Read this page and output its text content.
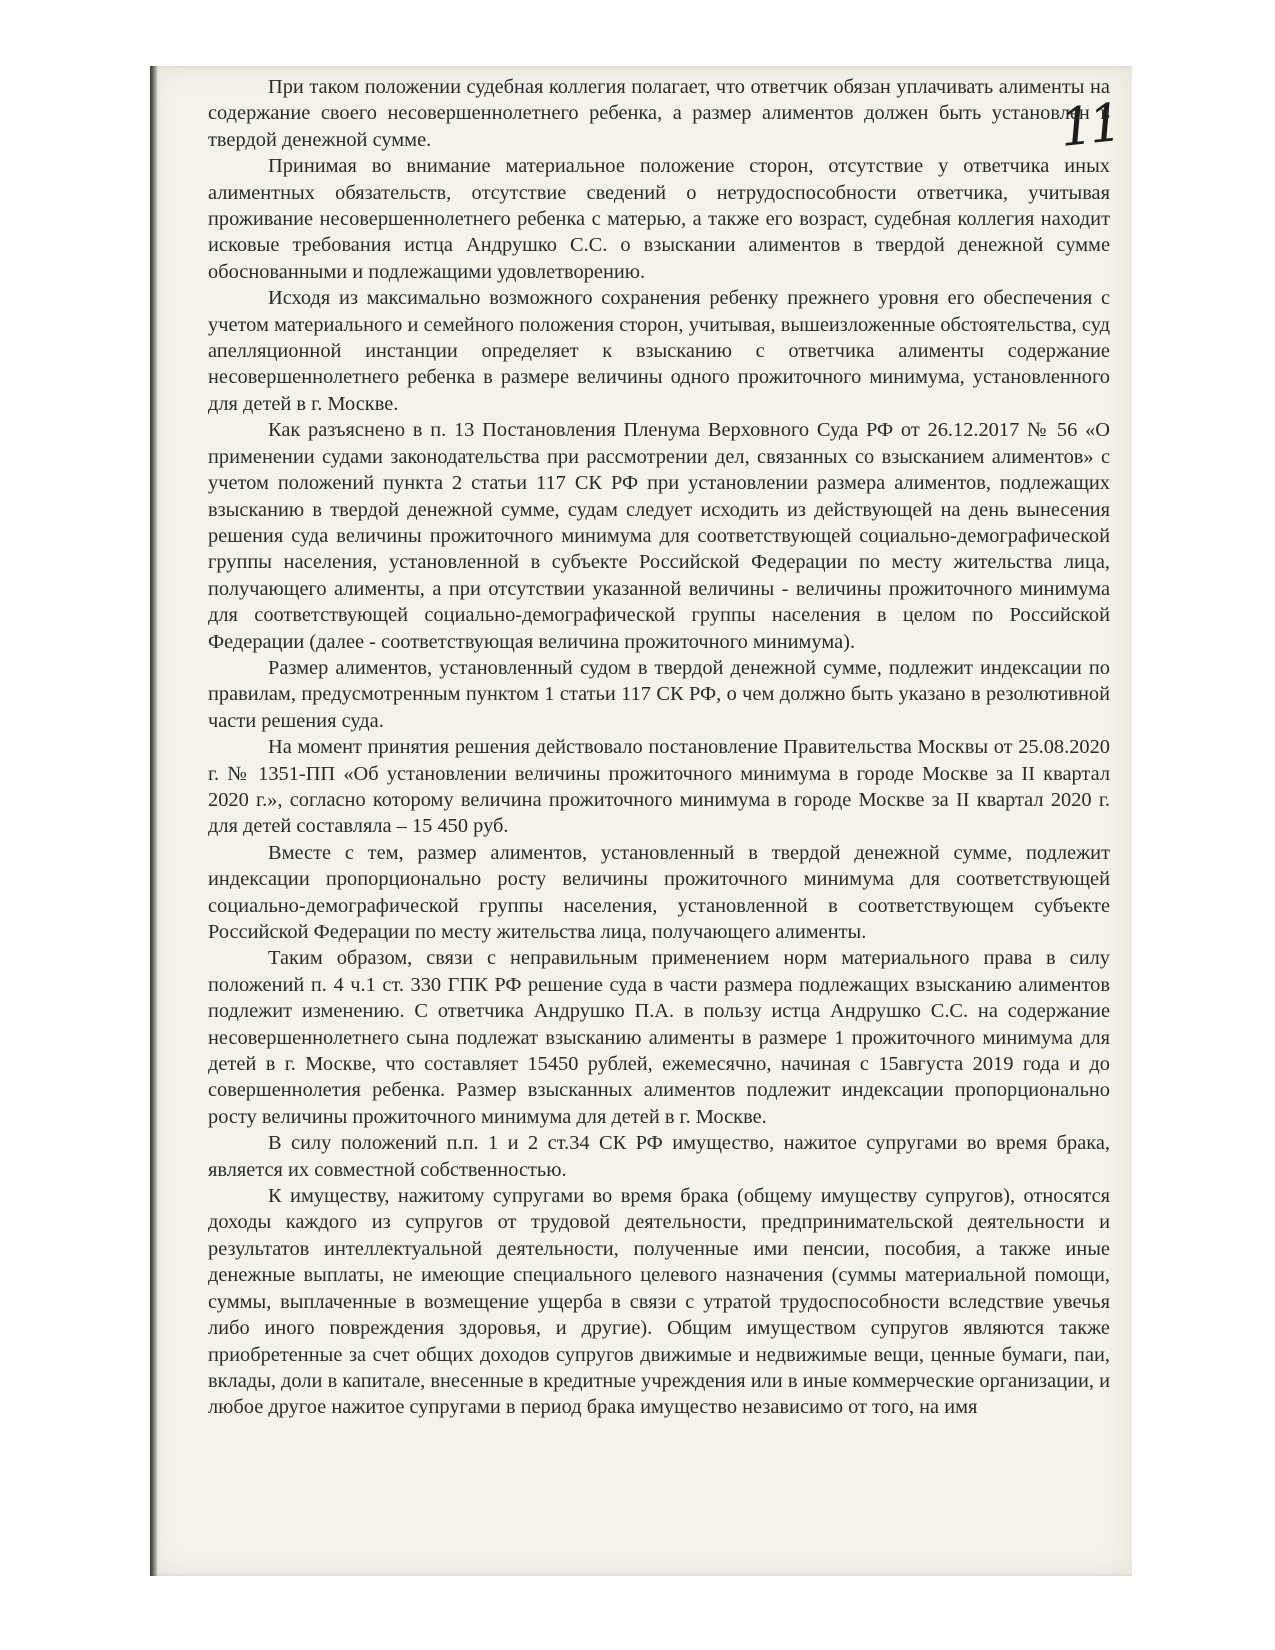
11

При таком положении судебная коллегия полагает, что ответчик обязан уплачивать алименты на содержание своего несовершеннолетнего ребенка, а размер алиментов должен быть установлен в твердой денежной сумме.

Принимая во внимание материальное положение сторон, отсутствие у ответчика иных алиментных обязательств, отсутствие сведений о нетрудоспособности ответчика, учитывая проживание несовершеннолетнего ребенка с матерью, а также его возраст, судебная коллегия находит исковые требования истца Андрушко С.С. о взыскании алиментов в твердой денежной сумме обоснованными и подлежащими удовлетворению.

Исходя из максимально возможного сохранения ребенку прежнего уровня его обеспечения с учетом материального и семейного положения сторон, учитывая, вышеизложенные обстоятельства, суд апелляционной инстанции определяет к взысканию с ответчика алименты содержание несовершеннолетнего ребенка в размере величины одного прожиточного минимума, установленного для детей в г. Москве.

Как разъяснено в п. 13 Постановления Пленума Верховного Суда РФ от 26.12.2017 № 56 «О применении судами законодательства при рассмотрении дел, связанных со взысканием алиментов» с учетом положений пункта 2 статьи 117 СК РФ при установлении размера алиментов, подлежащих взысканию в твердой денежной сумме, судам следует исходить из действующей на день вынесения решения суда величины прожиточного минимума для соответствующей социально-демографической группы населения, установленной в субъекте Российской Федерации по месту жительства лица, получающего алименты, а при отсутствии указанной величины - величины прожиточного минимума для соответствующей социально-демографической группы населения в целом по Российской Федерации (далее - соответствующая величина прожиточного минимума).

Размер алиментов, установленный судом в твердой денежной сумме, подлежит индексации по правилам, предусмотренным пунктом 1 статьи 117 СК РФ, о чем должно быть указано в резолютивной части решения суда.

На момент принятия решения действовало постановление Правительства Москвы от 25.08.2020 г. № 1351-ПП «Об установлении величины прожиточного минимума в городе Москве за II квартал 2020 г.», согласно которому величина прожиточного минимума в городе Москве за II квартал 2020 г. для детей составляла – 15 450 руб.

Вместе с тем, размер алиментов, установленный в твердой денежной сумме, подлежит индексации пропорционально росту величины прожиточного минимума для соответствующей социально-демографической группы населения, установленной в соответствующем субъекте Российской Федерации по месту жительства лица, получающего алименты.

Таким образом, связи с неправильным применением норм материального права в силу положений п. 4 ч.1 ст. 330 ГПК РФ решение суда в части размера подлежащих взысканию алиментов подлежит изменению. С ответчика Андрушко П.А. в пользу истца Андрушко С.С. на содержание несовершеннолетнего сына подлежат взысканию алименты в размере 1 прожиточного минимума для детей в г. Москве, что составляет 15450 рублей, ежемесячно, начиная с 15августа 2019 года и до совершеннолетия ребенка. Размер взысканных алиментов подлежит индексации пропорционально росту величины прожиточного минимума для детей в г. Москве.

В силу положений п.п. 1 и 2 ст.34 СК РФ имущество, нажитое супругами во время брака, является их совместной собственностью.

К имуществу, нажитому супругами во время брака (общему имуществу супругов), относятся доходы каждого из супругов от трудовой деятельности, предпринимательской деятельности и результатов интеллектуальной деятельности, полученные ими пенсии, пособия, а также иные денежные выплаты, не имеющие специального целевого назначения (суммы материальной помощи, суммы, выплаченные в возмещение ущерба в связи с утратой трудоспособности вследствие увечья либо иного повреждения здоровья, и другие). Общим имуществом супругов являются также приобретенные за счет общих доходов супругов движимые и недвижимые вещи, ценные бумаги, паи, вклады, доли в капитале, внесенные в кредитные учреждения или в иные коммерческие организации, и любое другое нажитое супругами в период брака имущество независимо от того, на имя
